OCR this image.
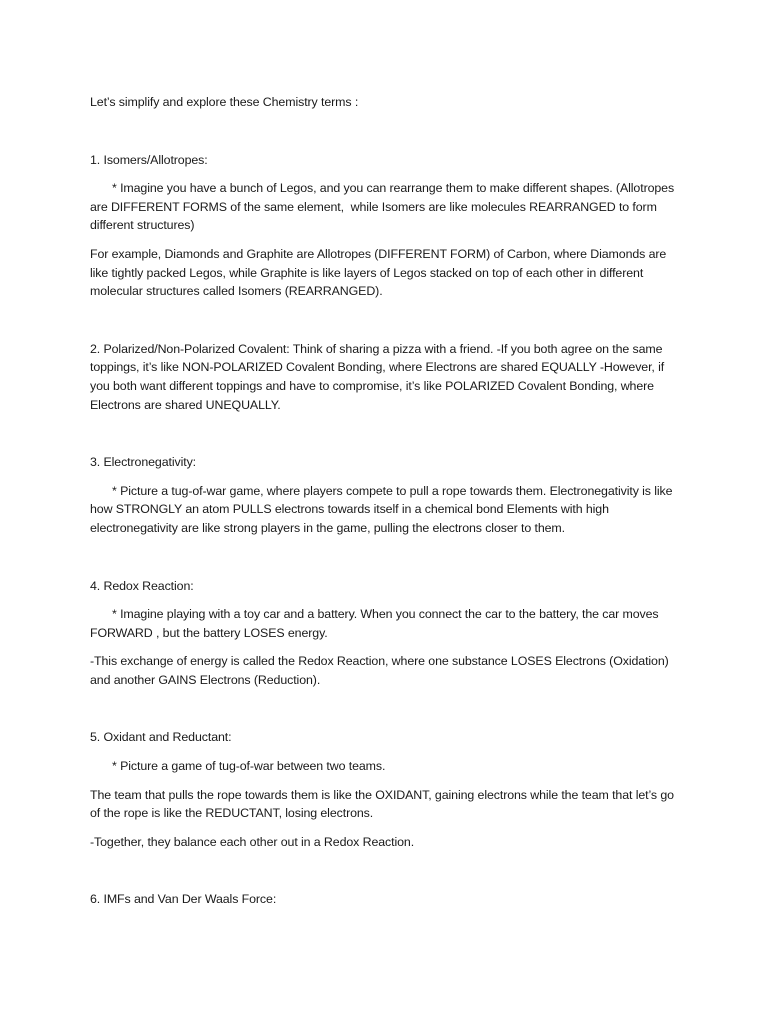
Let’s simplify and explore these Chemistry terms :

1. Isomers/Allotropes:

* Imagine you have a bunch of Legos, and you can rearrange them to make different shapes. (Allotropes are DIFFERENT FORMS of the same element,  while Isomers are like molecules REARRANGED to form different structures)

For example, Diamonds and Graphite are Allotropes (DIFFERENT FORM) of Carbon, where Diamonds are like tightly packed Legos, while Graphite is like layers of Legos stacked on top of each other in different molecular structures called Isomers (REARRANGED).

2. Polarized/Non-Polarized Covalent: Think of sharing a pizza with a friend. -If you both agree on the same toppings, it’s like NON-POLARIZED Covalent Bonding, where Electrons are shared EQUALLY -However, if you both want different toppings and have to compromise, it’s like POLARIZED Covalent Bonding, where Electrons are shared UNEQUALLY.

3. Electronegativity:

* Picture a tug-of-war game, where players compete to pull a rope towards them. Electronegativity is like how STRONGLY an atom PULLS electrons towards itself in a chemical bond Elements with high electronegativity are like strong players in the game, pulling the electrons closer to them.

4. Redox Reaction:

* Imagine playing with a toy car and a battery. When you connect the car to the battery, the car moves FORWARD , but the battery LOSES energy.

-This exchange of energy is called the Redox Reaction, where one substance LOSES Electrons (Oxidation) and another GAINS Electrons (Reduction).

5. Oxidant and Reductant:

* Picture a game of tug-of-war between two teams.

The team that pulls the rope towards them is like the OXIDANT, gaining electrons while the team that let’s go of the rope is like the REDUCTANT, losing electrons.

-Together, they balance each other out in a Redox Reaction.

6. IMFs and Van Der Waals Force:
